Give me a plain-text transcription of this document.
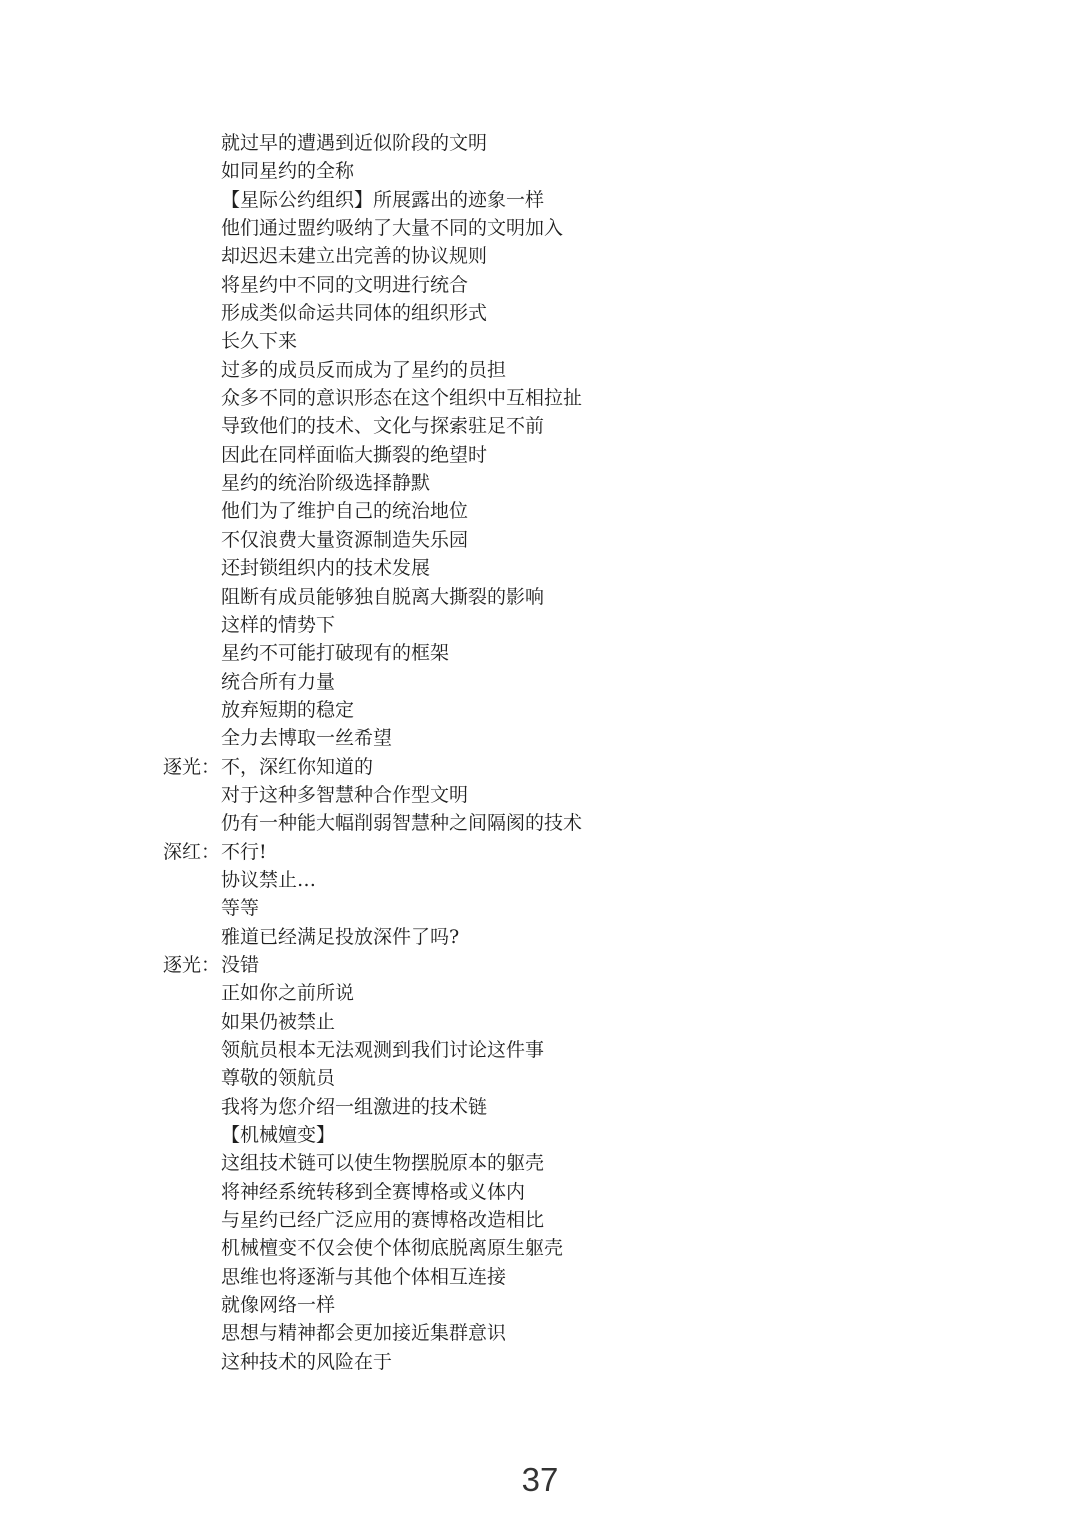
就过早的遭遇到近似阶段的文明
如同星约的全称
【星际公约组织】所展露出的迹象一样
他们通过盟约吸纳了大量不同的文明加入
却迟迟未建立出完善的协议规则
将星约中不同的文明进行统合
形成类似命运共同体的组织形式
长久下来
过多的成员反而成为了星约的员担
众多不同的意识形态在这个组织中互相拉扯
导致他们的技术、文化与探索驻足不前
因此在同样面临大撕裂的绝望时
星约的统治阶级选择静默
他们为了维护自己的统治地位
不仅浪费大量资源制造失乐园
还封锁组织内的技术发展
阻断有成员能够独自脱离大撕裂的影响
这样的情势下
星约不可能打破现有的框架
统合所有力量
放弃短期的稳定
全力去博取一丝希望
逐光 ：	不，深红你知道的
对于这种多智慧种合作型文明
仍有一种能大幅削弱智慧种之间隔阂的技术
深红 ：	不行!
协议禁止…
等等
雅道已经满足投放深件了吗?
逐光 ：	没错
正如你之前所说
如果仍被禁止
领航员根本无法观测到我们讨论这件事
尊敬的领航员
我将为您介绍一组激进的技术链
【机械嬗变】
这组技术链可以使生物摆脱原本的躯壳
将神经系统转移到全赛博格或义体内
与星约已经广泛应用的赛博格改造相比
机械檀变不仅会使个体彻底脱离原生躯壳
思维也将逐渐与其他个体相互连接
就像网络一样
思想与精神都会更加接近集群意识
这种技术的风险在于
37
